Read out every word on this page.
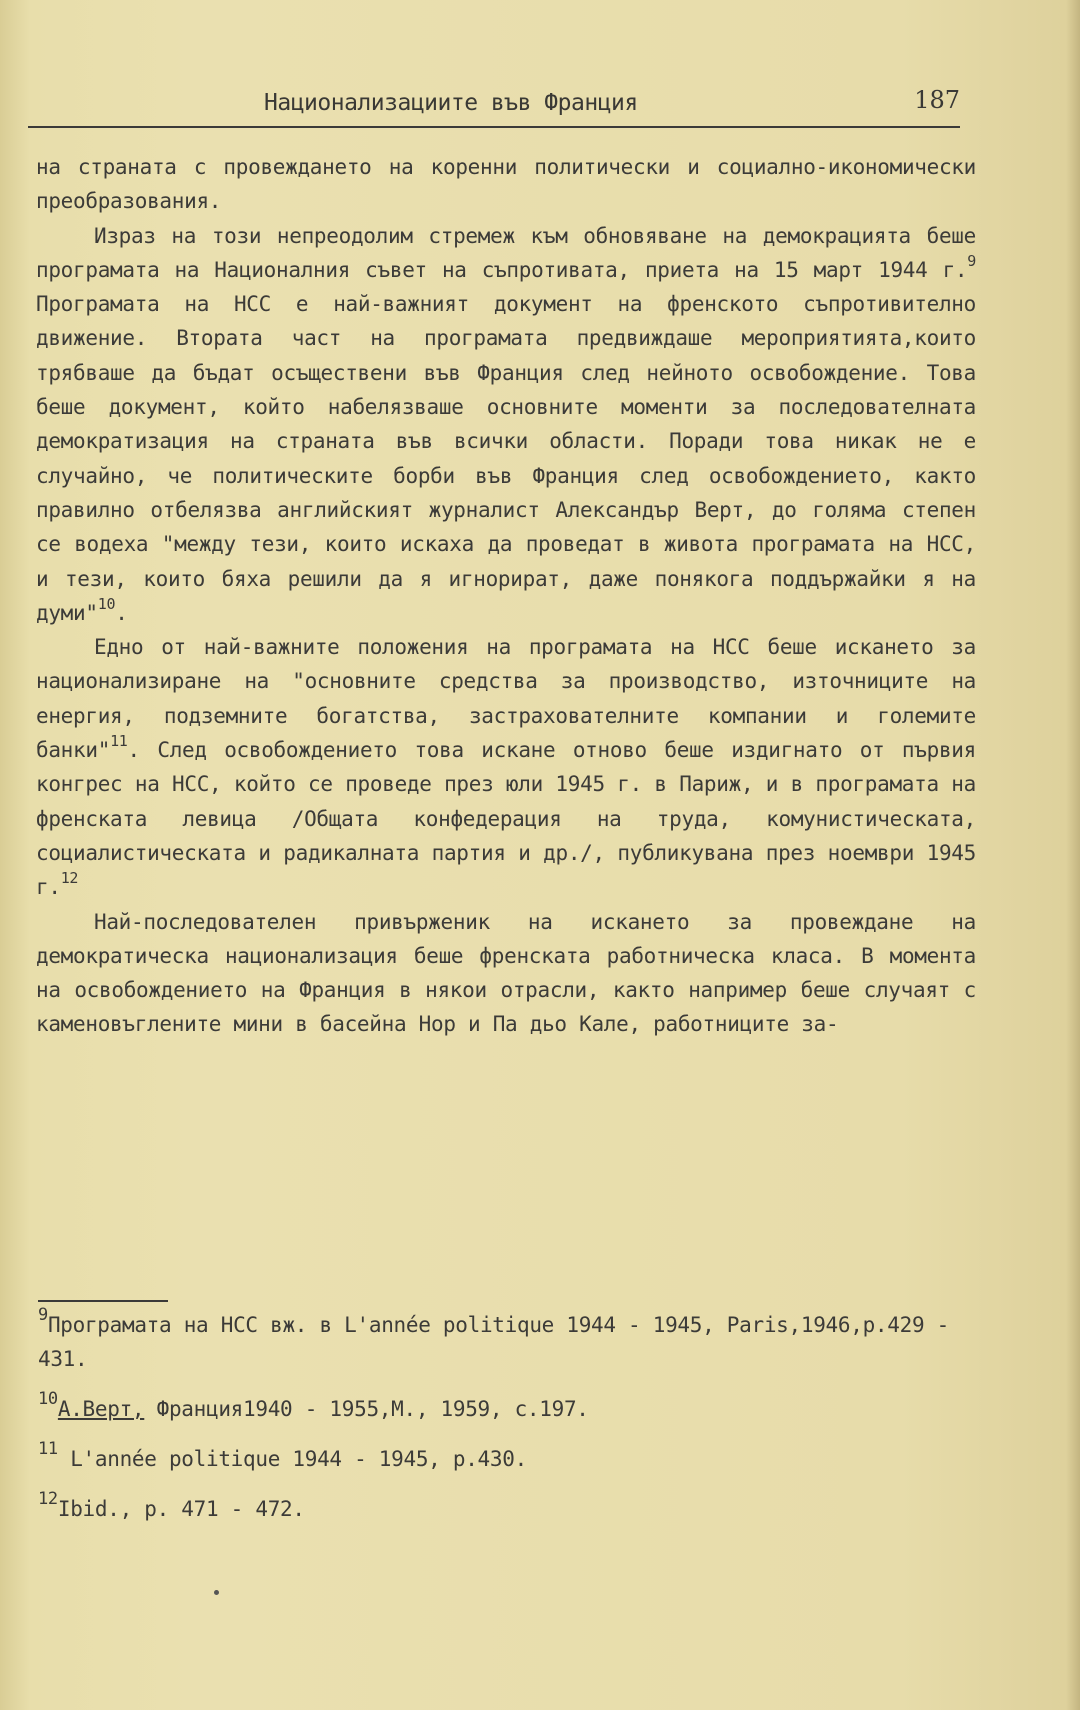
Национализациите във Франция	187

на страната с провеждането на коренни политически и социално-икономически преобразования.

Израз на този непреодолим стремеж към обновяване на демокрацията беше програмата на Националния съвет на съпротивата, приета на 15 март 1944 г.$^9$ Програмата на НСС е най-важният документ на френското съпротивително движение. Втората част на програмата предвиждаше мероприятията,които трябваше да бъдат осъществени във Франция след нейното освобождение. Това беше документ, който набелязваше основните моменти за последователната демократизация на страната във всички области. Поради това никак не е случайно, че политическите борби във Франция след освобождението, както правилно отбелязва английският журналист Александър Верт, до голяма степен се водеха "между тези, които искаха да проведат в живота програмата на НСС, и тези, които бяха решили да я игнорират, даже понякога поддържайки я на думи"$^{10}$.

Едно от най-важните положения на програмата на НСС беше искането за национализиране на "основните средства за производство, източниците на енергия, подземните богатства, застрахователните компании и големите банки"$^{11}$. След освобождението това искане отново беше издигнато от първия конгрес на НСС, който се проведе през юли 1945 г. в Париж, и в програмата на френската левица /Общата конфедерация на труда, комунистическата, социалистическата и радикалната партия и др./, публикувана през ноември 1945 г.$^{12}$

Най-последователен привърженик на искането за провеждане на демократическа национализация беше френската работническа класа. В момента на освобождението на Франция в някои отрасли, както например беше случаят с каменовъглените мини в басейна Нор и Па дьо Кале, работниците за-

$^9$Програмата на НСС вж. в L'année politique 1944 - 1945, Paris,1946,p.429 - 431.

$^{10}$А.Верт, Франция1940 - 1955,М., 1959, с.197.

$^{11}$ L'année politique 1944 - 1945, p.430.

$^{12}$Ibid., p. 471 - 472.
